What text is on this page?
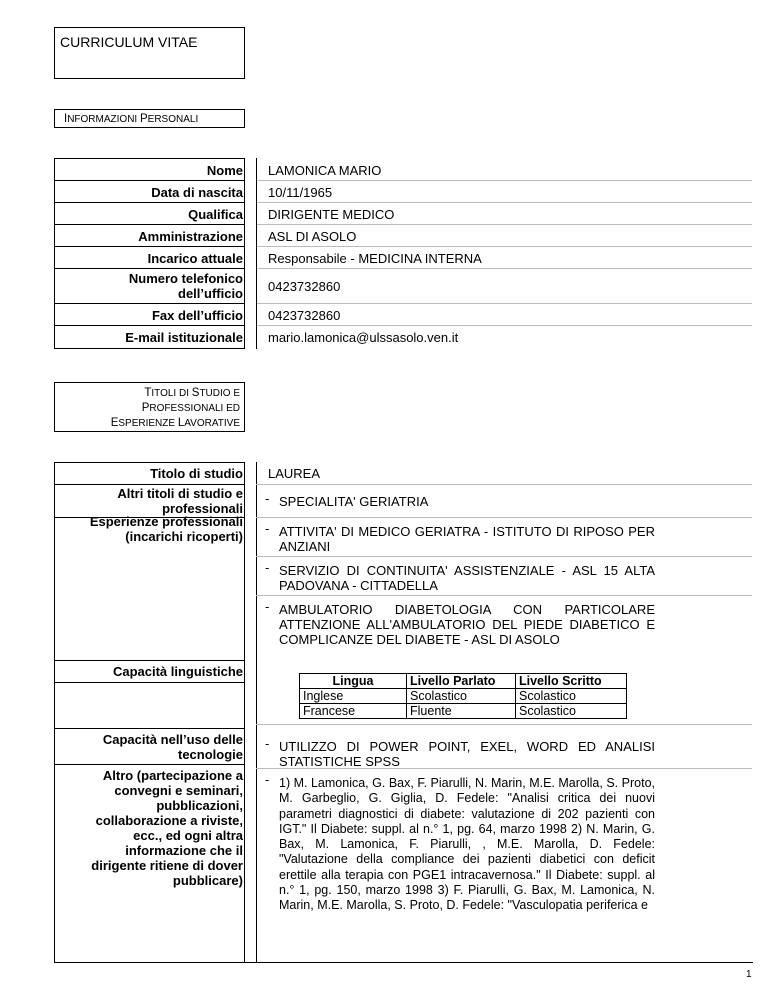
CURRICULUM VITAE
INFORMAZIONI PERSONALI
Nome LAMONICA MARIO
Data di nascita 10/11/1965
Qualifica DIRIGENTE MEDICO
Amministrazione ASL DI ASOLO
Incarico attuale Responsabile - MEDICINA INTERNA
Numero telefonico
dell’ufficio 0423732860
Fax dell’ufficio 0423732860
E-mail istituzionale mario.lamonica@ulssasolo.ven.it
TITOLI DI STUDIO E
PROFESSIONALI ED
ESPERIENZE LAVORATIVE
Titolo di studio LAUREA
Altri titoli di studio e
professionali
- SPECIALITA' GERIATRIA
Esperienze professionali
(incarichi ricoperti)
- ATTIVITA' DI MEDICO GERIATRA - ISTITUTO DI RIPOSO PER ANZIANI
- SERVIZIO DI CONTINUITA' ASSISTENZIALE - ASL 15 ALTA PADOVANA - CITTADELLA
- AMBULATORIO DIABETOLOGIA CON PARTICOLARE ATTENZIONE ALL'AMBULATORIO DEL PIEDE DIABETICO E COMPLICANZE DEL DIABETE - ASL DI ASOLO
Capacità linguistiche
Lingua	Livello Parlato	Livello Scritto
Inglese	Scolastico	Scolastico
Francese	Fluente	Scolastico
Capacità nell’uso delle
tecnologie
- UTILIZZO DI POWER POINT, EXEL, WORD ED ANALISI STATISTICHE SPSS
Altro (partecipazione a
convegni e seminari,
pubblicazioni,
collaborazione a riviste,
ecc., ed ogni altra
informazione che il
dirigente ritiene di dover
pubblicare)
- 1) M. Lamonica, G. Bax, F. Piarulli, N. Marin, M.E. Marolla, S. Proto, M. Garbeglio, G. Giglia, D. Fedele: "Analisi critica dei nuovi parametri diagnostici di diabete: valutazione di 202 pazienti con IGT." Il Diabete: suppl. al n.° 1, pg. 64, marzo 1998 2) N. Marin, G. Bax, M. Lamonica, F. Piarulli, , M.E. Marolla, D. Fedele: "Valutazione della compliance dei pazienti diabetici con deficit erettile alla terapia con PGE1 intracavernosa." Il Diabete: suppl. al n.° 1, pg. 150, marzo 1998 3) F. Piarulli, G. Bax, M. Lamonica, N. Marin, M.E. Marolla, S. Proto, D. Fedele: "Vasculopatia periferica e
1
